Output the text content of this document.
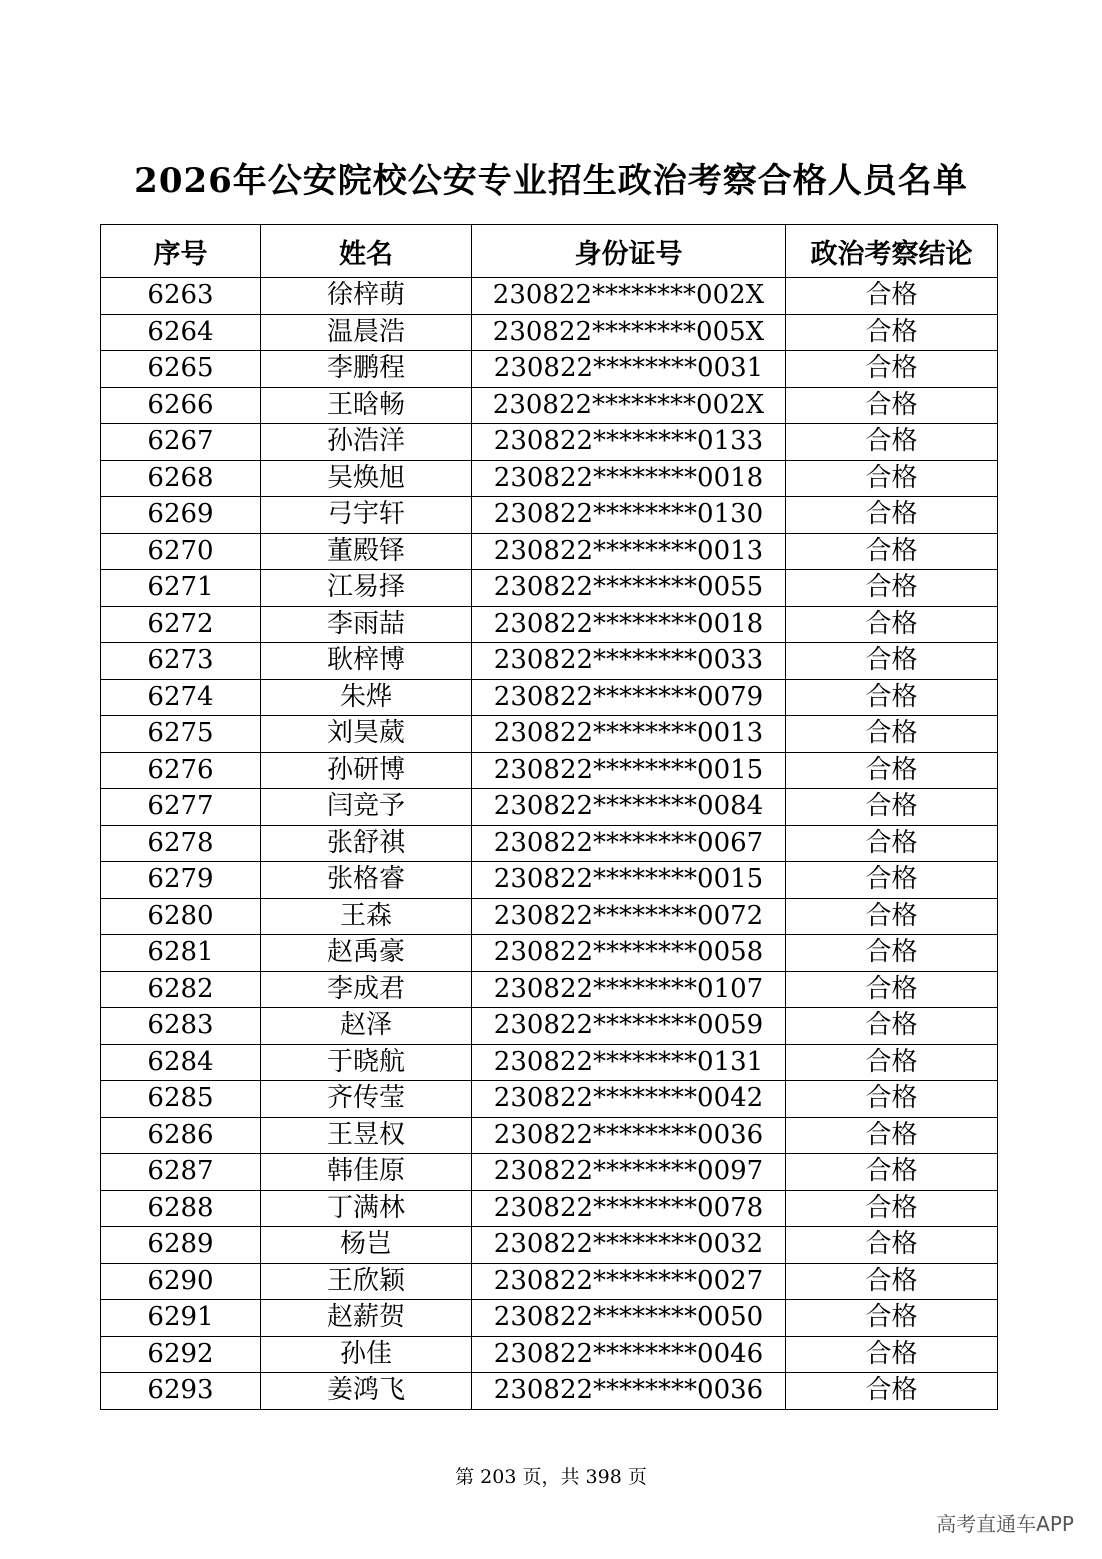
2026年公安院校公安专业招生政治考察合格人员名单
序号	姓名	身份证号	政治考察结论
6263	徐梓萌	230822********002X	合格
6264	温晨浩	230822********005X	合格
6265	李鹏程	230822********0031	合格
6266	王晗畅	230822********002X	合格
6267	孙浩洋	230822********0133	合格
6268	吴焕旭	230822********0018	合格
6269	弓宇轩	230822********0130	合格
6270	董殿铎	230822********0013	合格
6271	江易择	230822********0055	合格
6272	李雨喆	230822********0018	合格
6273	耿梓博	230822********0033	合格
6274	朱烨	230822********0079	合格
6275	刘昊葳	230822********0013	合格
6276	孙研博	230822********0015	合格
6277	闫竞予	230822********0084	合格
6278	张舒祺	230822********0067	合格
6279	张格睿	230822********0015	合格
6280	王森	230822********0072	合格
6281	赵禹豪	230822********0058	合格
6282	李成君	230822********0107	合格
6283	赵泽	230822********0059	合格
6284	于晓航	230822********0131	合格
6285	齐传莹	230822********0042	合格
6286	王昱权	230822********0036	合格
6287	韩佳原	230822********0097	合格
6288	丁满林	230822********0078	合格
6289	杨岂	230822********0032	合格
6290	王欣颖	230822********0027	合格
6291	赵薪贺	230822********0050	合格
6292	孙佳	230822********0046	合格
6293	姜鸿飞	230822********0036	合格
第 203 页，共 398 页
高考直通车APP
